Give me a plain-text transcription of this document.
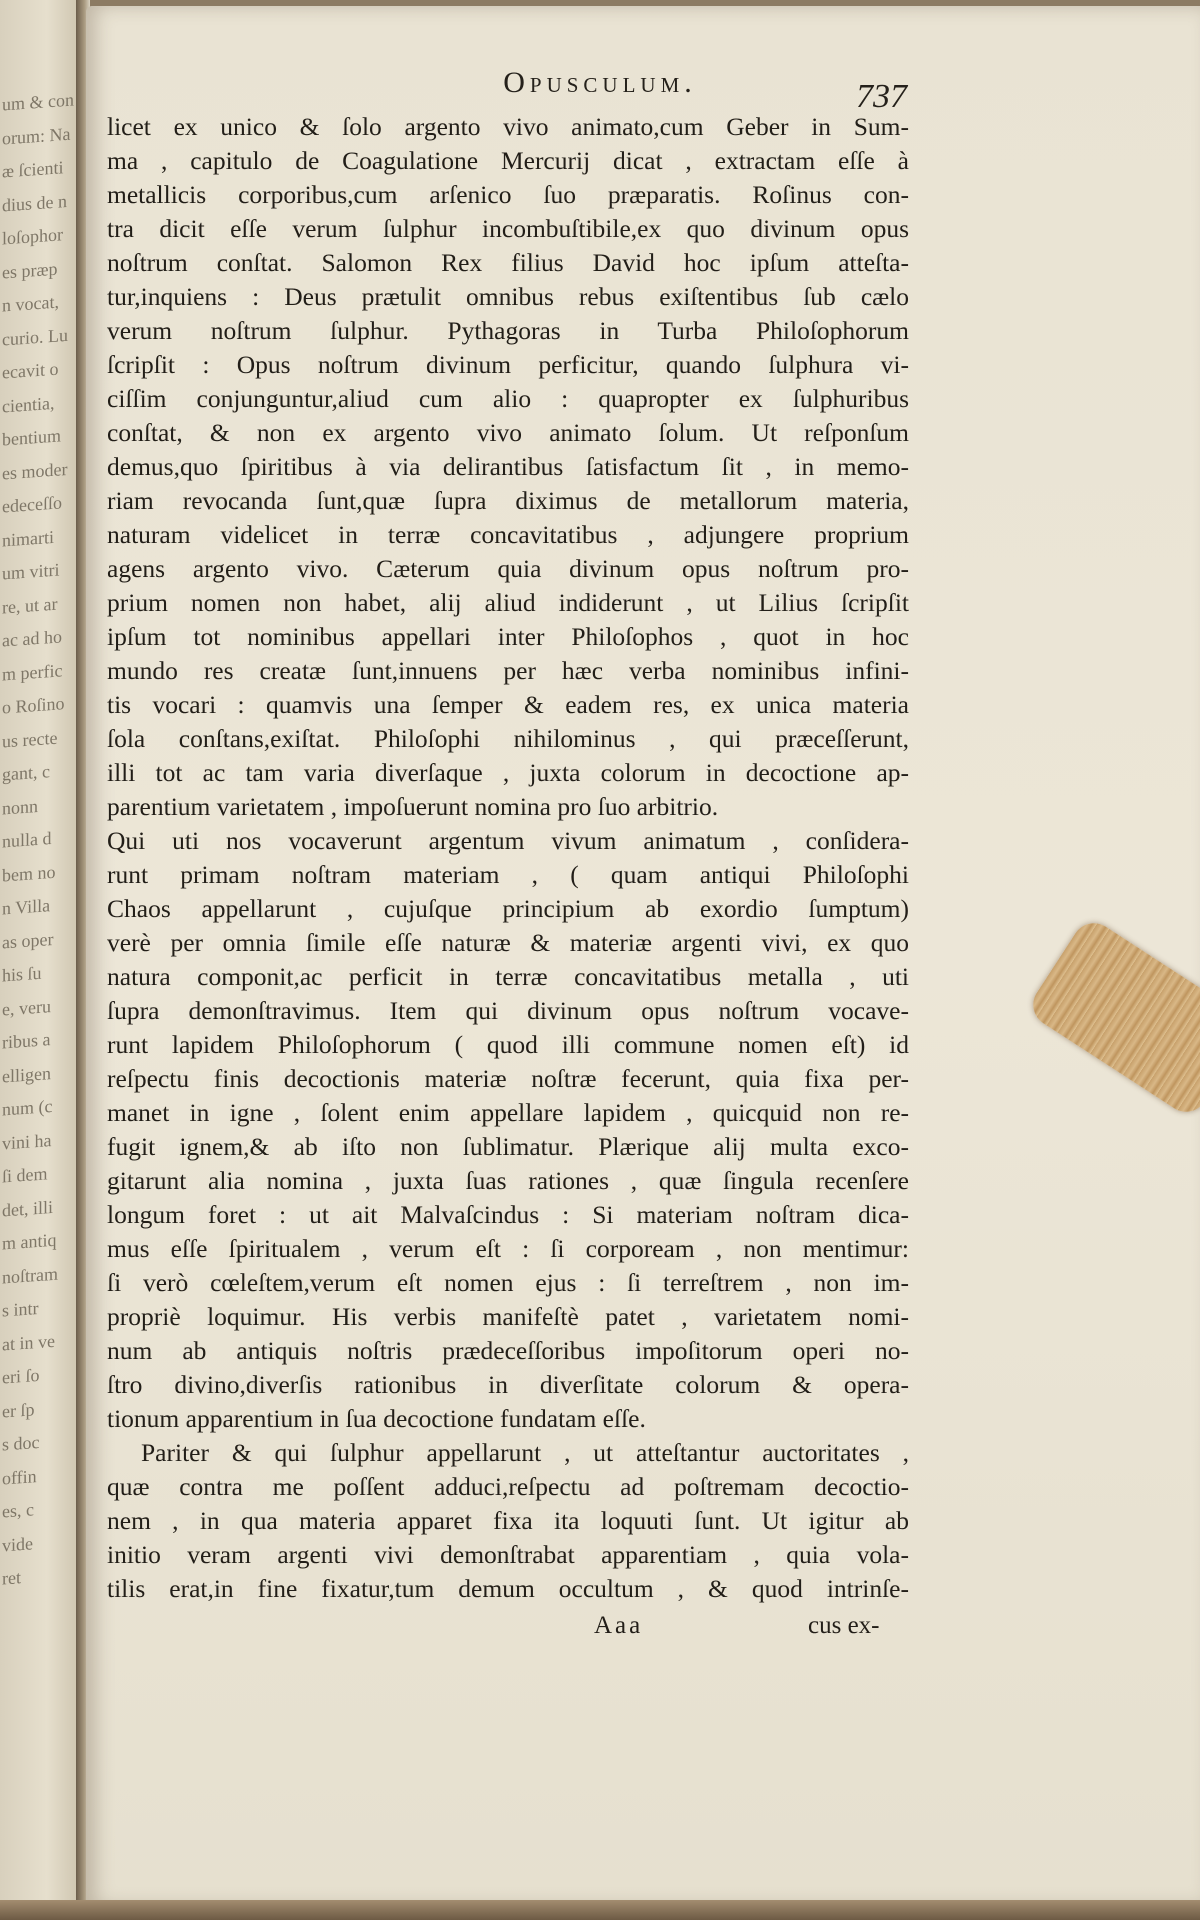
um & con
orum: Na
æ ſcienti
dius de n
loſophor
es præp
n vocat,
curio. Lu
ecavit o
cientia,
bentium
es moder
edeceſſo
nimarti
um vitri
re, ut ar
ac ad ho
m perfic
o Roſino
us recte
gant, c
nonn
nulla d
bem no
n Villa
as oper
his ſu
e, veru
ribus a
elligen
num (c
vini ha
ſi dem
det, illi
m antiq
noſtram
s intr
at in ve
eri ſo
er ſp
s doc
offin
es, c
vide
ret
Opusculum.	737
licet ex unico & ſolo argento vivo animato,cum Geber in Sum-
ma , capitulo de Coagulatione Mercurij dicat , extractam eſſe à
metallicis corporibus,cum arſenico ſuo præparatis. Roſinus con-
tra dicit eſſe verum ſulphur incombuſtibile,ex quo divinum opus
noſtrum conſtat. Salomon Rex filius David hoc ipſum atteſta-
tur,inquiens : Deus prætulit omnibus rebus exiſtentibus ſub cælo
verum noſtrum ſulphur. Pythagoras in Turba Philoſophorum
ſcripſit : Opus noſtrum divinum perficitur, quando ſulphura vi-
ciſſim conjunguntur,aliud cum alio : quapropter ex ſulphuribus
conſtat, & non ex argento vivo animato ſolum. Ut reſponſum
demus,quo ſpiritibus à via delirantibus ſatisfactum ſit , in memo-
riam revocanda ſunt,quæ ſupra diximus de metallorum materia,
naturam videlicet in terræ concavitatibus , adjungere proprium
agens argento vivo. Cæterum quia divinum opus noſtrum pro-
prium nomen non habet, alij aliud indiderunt , ut Lilius ſcripſit
ipſum tot nominibus appellari inter Philoſophos , quot in hoc
mundo res creatæ ſunt,innuens per hæc verba nominibus infini-
tis vocari : quamvis una ſemper & eadem res, ex unica materia
ſola conſtans,exiſtat. Philoſophi nihilominus , qui præceſſerunt,
illi tot ac tam varia diverſaque , juxta colorum in decoctione ap-
parentium varietatem , impoſuerunt nomina pro ſuo arbitrio.
Qui uti nos vocaverunt argentum vivum animatum , conſidera-
runt primam noſtram materiam , ( quam antiqui Philoſophi
Chaos appellarunt , cujuſque principium ab exordio ſumptum)
verè per omnia ſimile eſſe naturæ & materiæ argenti vivi, ex quo
natura componit,ac perficit in terræ concavitatibus metalla , uti
ſupra demonſtravimus. Item qui divinum opus noſtrum vocave-
runt lapidem Philoſophorum ( quod illi commune nomen eſt) id
reſpectu finis decoctionis materiæ noſtræ fecerunt, quia fixa per-
manet in igne , ſolent enim appellare lapidem , quicquid non re-
fugit ignem,& ab iſto non ſublimatur. Plærique alij multa exco-
gitarunt alia nomina , juxta ſuas rationes , quæ ſingula recenſere
longum foret : ut ait Malvaſcindus : Si materiam noſtram dica-
mus eſſe ſpiritualem , verum eſt : ſi corpoream , non mentimur:
ſi verò cœleſtem,verum eſt nomen ejus : ſi terreſtrem , non im-
propriè loquimur. His verbis manifeſtè patet , varietatem nomi-
num ab antiquis noſtris prædeceſſoribus impoſitorum operi no-
ſtro divino,diverſis rationibus in diverſitate colorum & opera-
tionum apparentium in ſua decoctione fundatam eſſe.
Pariter & qui ſulphur appellarunt , ut atteſtantur auctoritates ,
quæ contra me poſſent adduci,reſpectu ad poſtremam decoctio-
nem , in qua materia apparet fixa ita loquuti ſunt. Ut igitur ab
initio veram argenti vivi demonſtrabat apparentiam , quia vola-
tilis erat,in fine fixatur,tum demum occultum , & quod intrinſe-
Aaa	cus ex-
